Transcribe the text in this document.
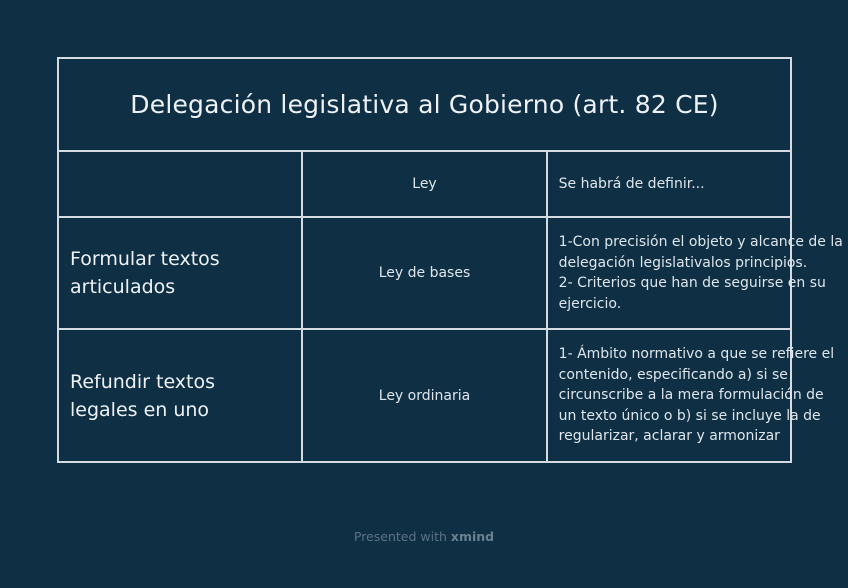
Delegación legislativa al Gobierno (art. 82 CE)		
	Ley	Se habrá de definir...

Formular textos
articulados	Ley de bases	1-Con precisión el objeto y alcance de la
delegación legislativalos principios.
2- Criterios que han de seguirse en su
ejercicio.

Refundir textos
legales en uno	Ley ordinaria	1- Ámbito normativo a que se refiere el
contenido, especificando a) si se
circunscribe a la mera formulación de
un texto único o b) si se incluye la de
regularizar, aclarar y armonizar
Presented with xmind
